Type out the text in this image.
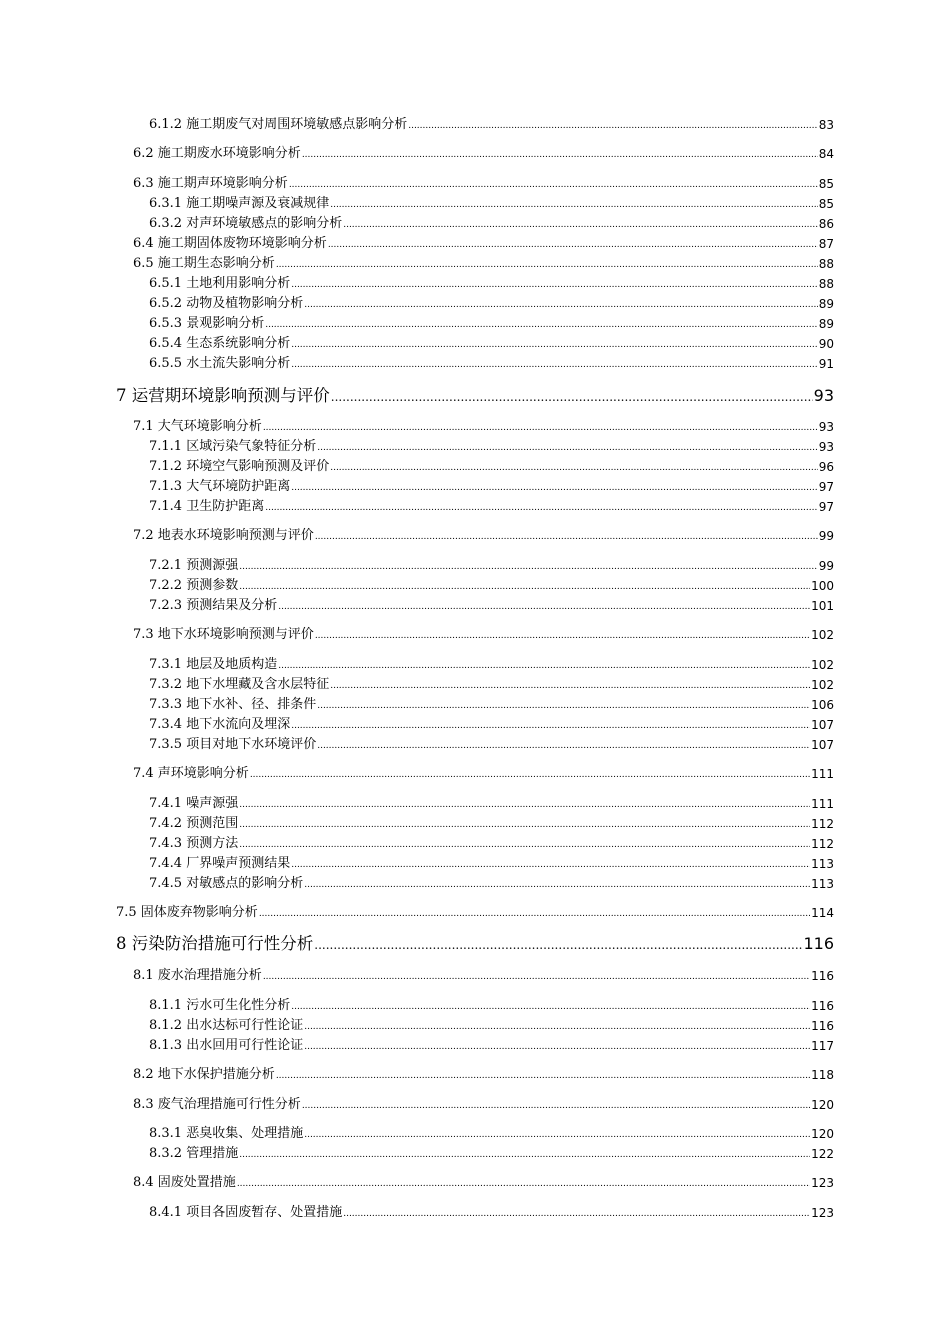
6.1.2 施工期废气对周围环境敏感点影响分析 .....	83
6.2 施工期废水环境影响分析 .....	84
6.3 施工期声环境影响分析 .....	85
6.3.1 施工期噪声源及衰减规律 .....	85
6.3.2 对声环境敏感点的影响分析 .....	86
6.4 施工期固体废物环境影响分析 .....	87
6.5 施工期生态影响分析 .....	88
6.5.1 土地利用影响分析 .....	88
6.5.2 动物及植物影响分析 .....	89
6.5.3 景观影响分析 .....	89
6.5.4 生态系统影响分析 .....	90
6.5.5 水土流失影响分析 .....	91
7 运营期环境影响预测与评价 .....	93
7.1 大气环境影响分析 .....	93
7.1.1 区域污染气象特征分析 .....	93
7.1.2 环境空气影响预测及评价 .....	96
7.1.3 大气环境防护距离 .....	97
7.1.4 卫生防护距离 .....	97
7.2 地表水环境影响预测与评价 .....	99
7.2.1 预测源强 .....	99
7.2.2 预测参数 .....	100
7.2.3 预测结果及分析 .....	101
7.3 地下水环境影响预测与评价 .....	102
7.3.1 地层及地质构造 .....	102
7.3.2 地下水埋藏及含水层特征 .....	102
7.3.3 地下水补、径、排条件 .....	106
7.3.4 地下水流向及埋深 .....	107
7.3.5 项目对地下水环境评价 .....	107
7.4 声环境影响分析 .....	111
7.4.1 噪声源强 .....	111
7.4.2 预测范围 .....	112
7.4.3 预测方法 .....	112
7.4.4 厂界噪声预测结果 .....	113
7.4.5 对敏感点的影响分析 .....	113
7.5 固体废弃物影响分析 .....	114
8 污染防治措施可行性分析 .....	116
8.1 废水治理措施分析 .....	116
8.1.1 污水可生化性分析 .....	116
8.1.2 出水达标可行性论证 .....	116
8.1.3 出水回用可行性论证 .....	117
8.2 地下水保护措施分析 .....	118
8.3 废气治理措施可行性分析 .....	120
8.3.1 恶臭收集、处理措施 .....	120
8.3.2 管理措施 .....	122
8.4 固废处置措施 .....	123
8.4.1 项目各固废暂存、处置措施 .....	123
